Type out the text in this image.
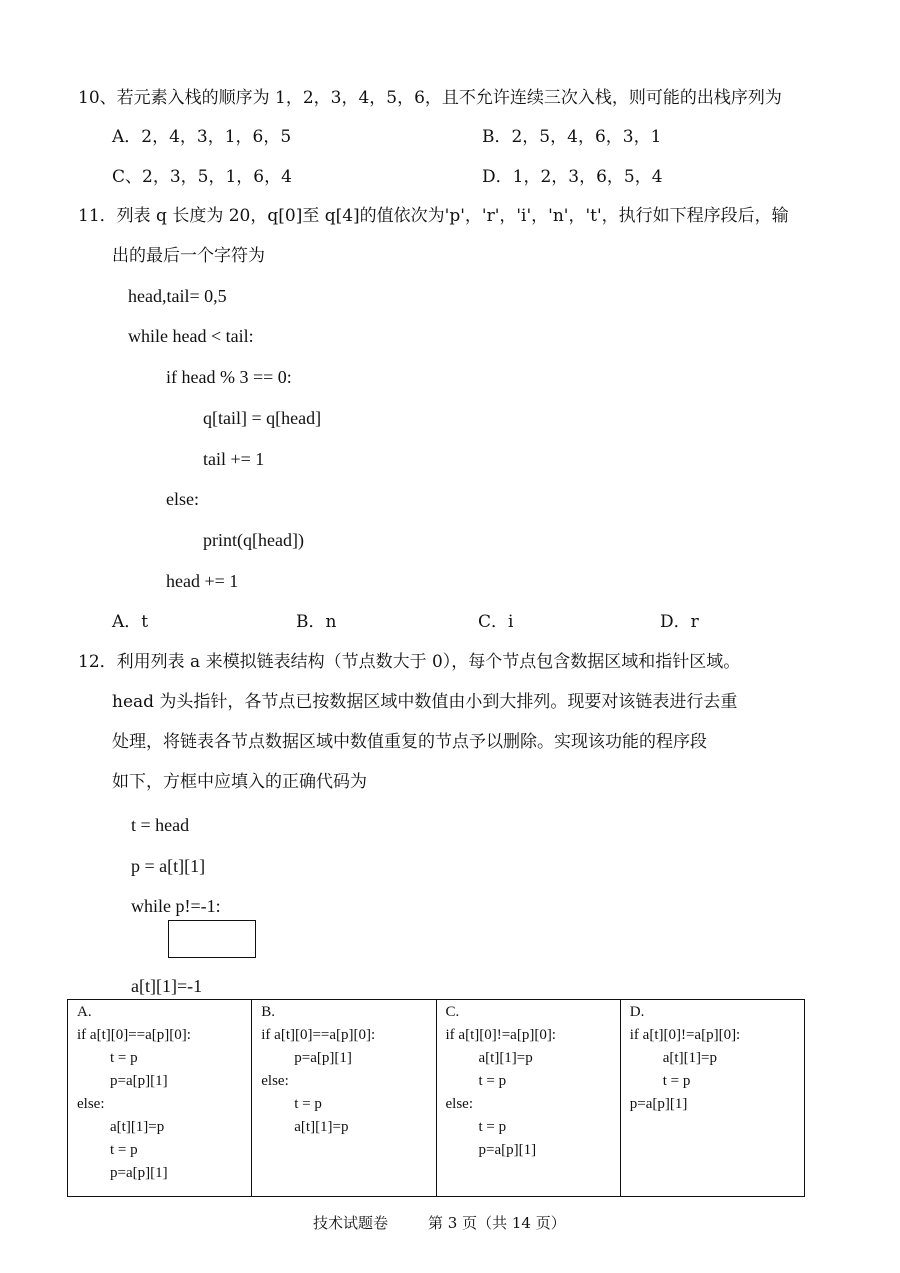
10、若元素入栈的顺序为 1，2，3，4，5，6，且不允许连续三次入栈，则可能的出栈序列为
A．2，4，3，1，6，5	B．2，5，4，6，3，1
C、2，3，5，1，6，4	D．1，2，3，6，5，4
11．列表 q 长度为 20，q[0]至 q[4]的值依次为'p'，'r'，'i'，'n'，'t'，执行如下程序段后，输
出的最后一个字符为
head,tail= 0,5
while head < tail:
if head % 3 == 0:
q[tail] = q[head]
tail += 1
else:
print(q[head])
head += 1
A．t	B．n	C．i	D．r
12．利用列表 a 来模拟链表结构（节点数大于 0），每个节点包含数据区域和指针区域。
head 为头指针，各节点已按数据区域中数值由小到大排列。现要对该链表进行去重
处理，将链表各节点数据区域中数值重复的节点予以删除。实现该功能的程序段
如下，方框中应填入的正确代码为
t = head
p = a[t][1]
while p!=-1:
a[t][1]=-1
A.
if a[t][0]==a[p][0]:
t = p
p=a[p][1]
else:
a[t][1]=p
t = p
p=a[p][1]
B.
if a[t][0]==a[p][0]:
p=a[p][1]
else:
t = p
a[t][1]=p
C.
if a[t][0]!=a[p][0]:
a[t][1]=p
t = p
else:
t = p
p=a[p][1]
D.
if a[t][0]!=a[p][0]:
a[t][1]=p
t = p
p=a[p][1]
技术试题卷	第 3 页（共 14 页）
